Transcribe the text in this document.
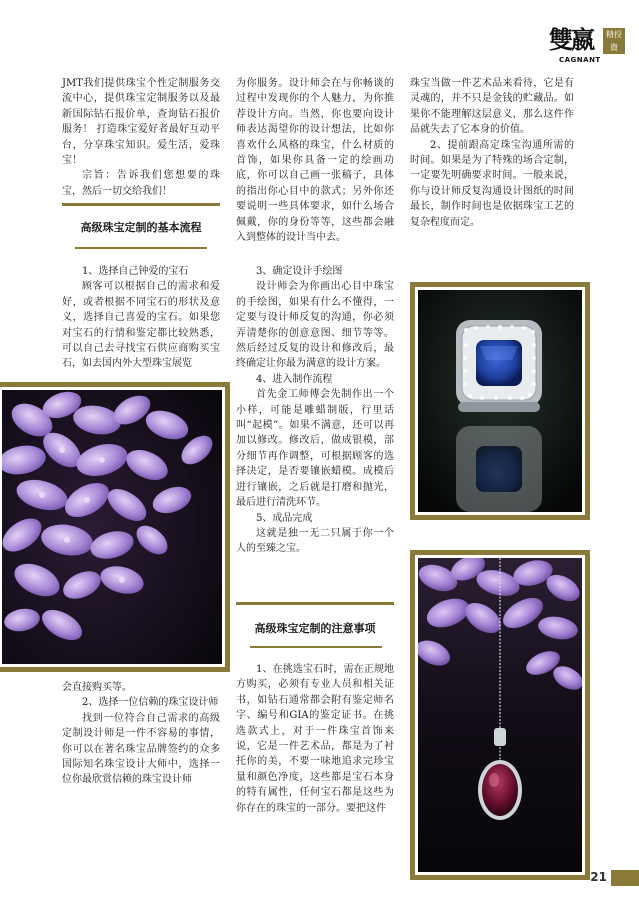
雙嬴	精投資
CAGNANT

JMT我们提供珠宝个性定制服务交流中心，提供珠宝定制服务以及最新国际钻石报价单，查询钻石报价服务！ 打造珠宝爱好者最好互动平台，分享珠宝知识。爱生活，爱珠宝！

宗旨：告诉我们您想要的珠宝，然后一切交给我们！

高级珠宝定制的基本流程

1、选择自己钟爱的宝石

顾客可以根据自己的需求和爱好，或者根据不同宝石的形状及意义，选择自己喜爱的宝石。如果您对宝石的行情和鉴定都比较熟悉，可以自己去寻找宝石供应商购买宝石，如去国内外大型珠宝展览

会直接购买等。

2、选择一位信赖的珠宝设计师

找到一位符合自己需求的高级定制设计师是一件不容易的事情，你可以在著名珠宝品牌签约的众多国际知名珠宝设计大师中，选择一位你最欣赏信赖的珠宝设计师

为你服务。设计师会在与你畅谈的过程中发现你的个人魅力，为你推荐设计方向。当然，你也要向设计师表达渴望你的设计想法，比如你喜欢什么风格的珠宝，什么材质的首饰，如果你具备一定的绘画功底，你可以自己画一张稿子，具体的指出你心目中的款式；另外你还要说明一些具体要求，如什么场合佩戴，你的身份等等，这些都会融入到整体的设计当中去。

3、确定设计手绘图

设计师会为你画出心目中珠宝的手绘图，如果有什么不懂得，一定要与设计师反复的沟通，你必须弄清楚你的创意意图、细节等等。然后经过反复的设计和修改后，最终确定让你最为满意的设计方案。

4、进入制作流程

首先金工师傅会先制作出一个小样，可能是雕蜡制版，行里话叫“起模”。如果不满意，还可以再加以修改。修改后，做成银模，部分细节再作调整，可根据顾客的选择决定，是否要镶嵌蜡模。成模后进行镶嵌，之后就是打磨和抛光，最后进行清洗环节。

5、成品完成

这就是独一无二只属于你一个人的至臻之宝。

高级珠宝定制的注意事项

1、在挑选宝石时，需在正规地方购买，必须有专业人员和相关证书，如钻石通常都会附有鉴定师名字、编号和GIA的鉴定证书。在挑选款式上，对于一件珠宝首饰来说，它是一件艺术品，都是为了衬托你的美，不要一味地追求完珍宝量和颜色净度，这些都是宝石本身的特有属性，任何宝石都是这些为你存在的珠宝的一部分。要把这件

珠宝当做一件艺术品来看待，它是有灵魂的，并不只是金钱的贮藏品。如果你不能理解这层意义，那么这件作品就失去了它本身的价值。

2、提前跟高定珠宝沟通所需的时间。如果是为了特殊的场合定制，一定要先明确要求时间。一般来说，你与设计师反复沟通设计图纸的时间最长，制作时间也是依据珠宝工艺的复杂程度而定。

21
